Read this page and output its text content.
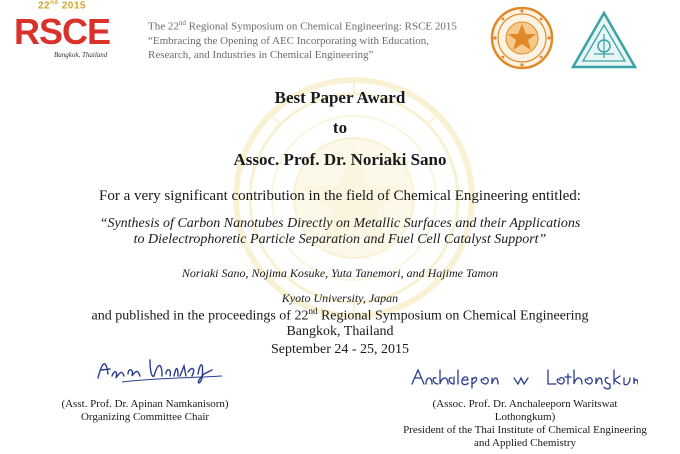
22nd 2015
RSCE
Bangkok, Thailand
The 22nd Regional Symposium on Chemical Engineering: RSCE 2015
“Embracing the Opening of AEC Incorporating with Education,
Research, and Industries in Chemical Engineering”
Best Paper Award
to
Assoc. Prof. Dr. Noriaki Sano
For a very significant contribution in the field of Chemical Engineering entitled:
“Synthesis of Carbon Nanotubes Directly on Metallic Surfaces and their Applications
to Dielectrophoretic Particle Separation and Fuel Cell Catalyst Support”
Noriaki Sano, Nojima Kosuke, Yuta Tanemori, and Hajime Tamon
Kyoto University, Japan
and published in the proceedings of 22nd Regional Symposium on Chemical Engineering
Bangkok, Thailand
September 24 - 25, 2015
(Asst. Prof. Dr. Apinan Namkanisorn)
Organizing Committee Chair
(Assoc. Prof. Dr. Anchaleeporn Waritswat
Lothongkum)
President of the Thai Institute of Chemical Engineering
and Applied Chemistry
